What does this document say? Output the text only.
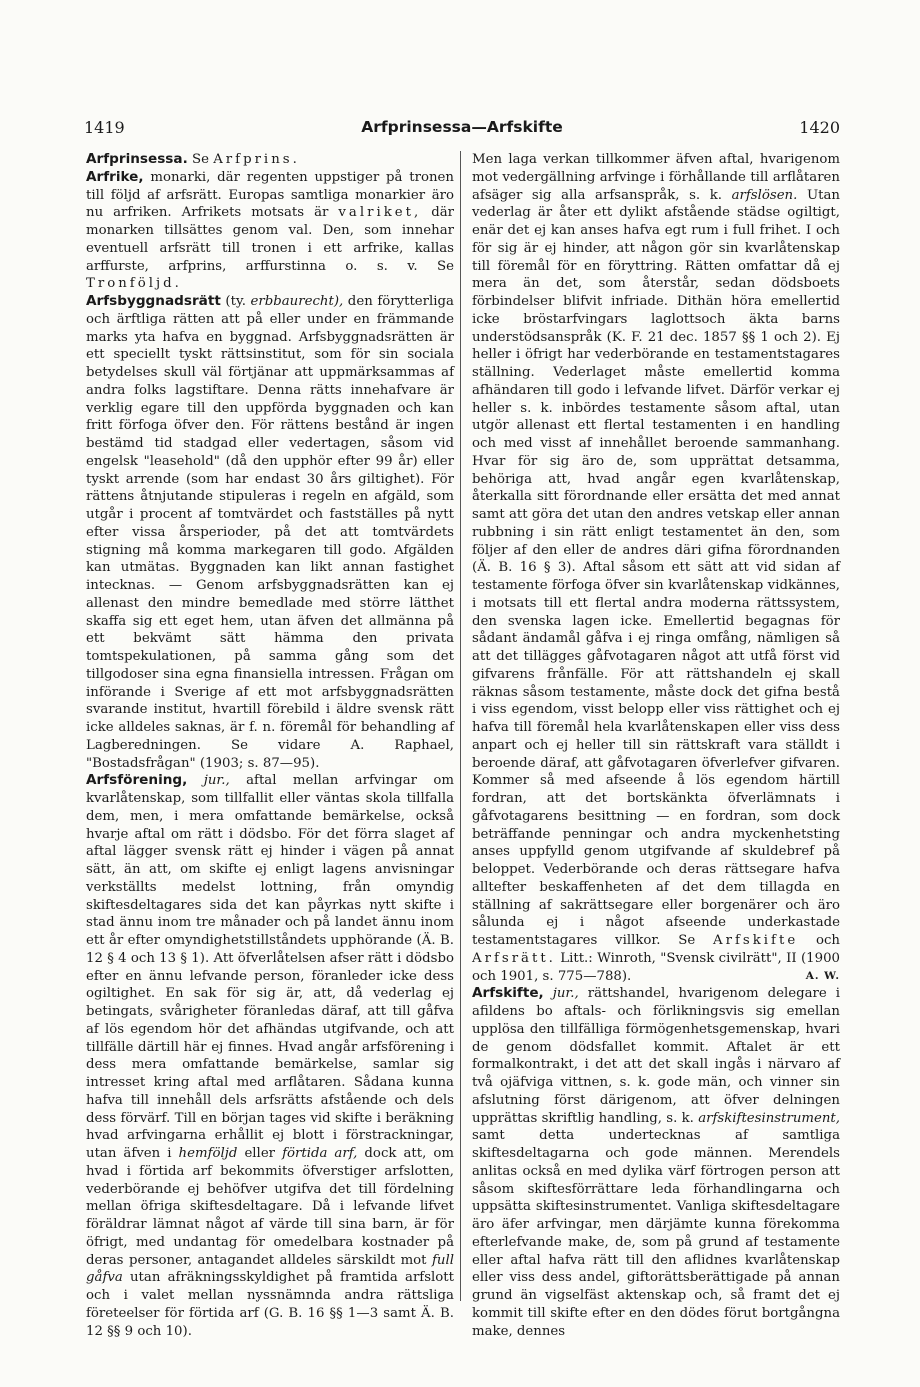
1419	Arfprinsessa—Arfskifte	1420

Arfprinsessa. Se Arfprins.

Arfrike, monarki, där regenten uppstiger på tronen till följd af arfsrätt. Europas samtliga monarkier äro nu arfriken. Arfrikets motsats är valriket, där monarken tillsättes genom val. Den, som innehar eventuell arfsrätt till tronen i ett arfrike, kallas arffurste, arfprins, arffurstinna o. s. v. Se Tronföljd.

Arfsbyggnadsrätt (ty. erbbaurecht), den förytterliga och ärftliga rätten att på eller under en främmande marks yta hafva en byggnad. Arfsbyggnadsrätten är ett speciellt tyskt rättsinstitut, som för sin sociala betydelses skull väl förtjänar att uppmärksammas af andra folks lagstiftare. Denna rätts innehafvare är verklig egare till den uppförda byggnaden och kan fritt förfoga öfver den. För rättens bestånd är ingen bestämd tid stadgad eller vedertagen, såsom vid engelsk "leasehold" (då den upphör efter 99 år) eller tyskt arrende (som har endast 30 års giltighet). För rättens åtnjutande stipuleras i regeln en afgäld, som utgår i procent af tomtvärdet och fastställes på nytt efter vissa årsperioder, på det att tomtvärdets stigning må komma markegaren till godo. Afgälden kan utmätas. Byggnaden kan likt annan fastighet intecknas. — Genom arfsbyggnadsrätten kan ej allenast den mindre bemedlade med större lätthet skaffa sig ett eget hem, utan äfven det allmänna på ett bekvämt sätt hämma den privata tomtspekulationen, på samma gång som det tillgodoser sina egna finansiella intressen. Frågan om införande i Sverige af ett mot arfsbyggnadsrätten svarande institut, hvartill förebild i äldre svensk rätt icke alldeles saknas, är f. n. föremål för behandling af Lagberedningen. Se vidare A. Raphael, "Bostadsfrågan" (1903; s. 87—95).

Arfsförening, jur., aftal mellan arfvingar om kvarlåtenskap, som tillfallit eller väntas skola tillfalla dem, men, i mera omfattande bemärkelse, också hvarje aftal om rätt i dödsbo. För det förra slaget af aftal lägger svensk rätt ej hinder i vägen på annat sätt, än att, om skifte ej enligt lagens anvisningar verkställts medelst lottning, från omyndig skiftesdeltagares sida det kan påyrkas nytt skifte i stad ännu inom tre månader och på landet ännu inom ett år efter omyndighetstillståndets upphörande (Ä. B. 12 § 4 och 13 § 1). Att öfverlåtelsen afser rätt i dödsbo efter en ännu lefvande person, föranleder icke dess ogiltighet. En sak för sig är, att, då vederlag ej betingats, svårigheter föranledas däraf, att till gåfva af lös egendom hör det afhändas utgifvande, och att tillfälle därtill här ej finnes. Hvad angår arfsförening i dess mera omfattande bemärkelse, samlar sig intresset kring aftal med arflåtaren. Sådana kunna hafva till innehåll dels arfsrätts afstående och dels dess förvärf. Till en början tages vid skifte i beräkning hvad arfvingarna erhållit ej blott i förstrackningar, utan äfven i hemföljd eller förtida arf, dock att, om hvad i förtida arf bekommits öfverstiger arfslotten, vederbörande ej behöfver utgifva det till fördelning mellan öfriga skiftesdeltagare. Då i lefvande lifvet föräldrar lämnat något af värde till sina barn, är för öfrigt, med undantag för omedelbara kostnader på deras personer, antagandet alldeles särskildt mot full gåfva utan afräkningsskyldighet på framtida arfslott och i valet mellan nyssnämnda andra rättsliga företeelser för förtida arf (G. B. 16 §§ 1—3 samt Ä. B. 12 §§ 9 och 10).

Men laga verkan tillkommer äfven aftal, hvarigenom mot vedergällning arfvinge i förhållande till arflåtaren afsäger sig alla arfsanspråk, s. k. arfslösen. Utan vederlag är åter ett dylikt afstående städse ogiltigt, enär det ej kan anses hafva egt rum i full frihet. I och för sig är ej hinder, att någon gör sin kvarlåtenskap till föremål för en föryttring. Rätten omfattar då ej mera än det, som återstår, sedan dödsboets förbindelser blifvit infriade. Dithän höra emellertid icke bröstarfvingars laglottsoch äkta barns understödsanspråk (K. F. 21 dec. 1857 §§ 1 och 2). Ej heller i öfrigt har vederbörande en testamentstagares ställning. Vederlaget måste emellertid komma afhändaren till godo i lefvande lifvet. Därför verkar ej heller s. k. inbördes testamente såsom aftal, utan utgör allenast ett flertal testamenten i en handling och med visst af innehållet beroende sammanhang. Hvar för sig äro de, som upprättat detsamma, behöriga att, hvad angår egen kvarlåtenskap, återkalla sitt förordnande eller ersätta det med annat samt att göra det utan den andres vetskap eller annan rubbning i sin rätt enligt testamentet än den, som följer af den eller de andres däri gifna förordnanden (Ä. B. 16 § 3). Aftal såsom ett sätt att vid sidan af testamente förfoga öfver sin kvarlåtenskap vidkännes, i motsats till ett flertal andra moderna rättssystem, den svenska lagen icke. Emellertid begagnas för sådant ändamål gåfva i ej ringa omfång, nämligen så att det tillägges gåfvotagaren något att utfå först vid gifvarens frånfälle. För att rättshandeln ej skall räknas såsom testamente, måste dock det gifna bestå i viss egendom, visst belopp eller viss rättighet och ej hafva till föremål hela kvarlåtenskapen eller viss dess anpart och ej heller till sin rättskraft vara ställdt i beroende däraf, att gåfvotagaren öfverlefver gifvaren. Kommer så med afseende å lös egendom härtill fordran, att det bortskänkta öfverlämnats i gåfvotagarens besittning — en fordran, som dock beträffande penningar och andra myckenhetsting anses uppfylld genom utgifvande af skuldebref på beloppet. Vederbörande och deras rättsegare hafva alltefter beskaffenheten af det dem tillagda en ställning af sakrättsegare eller borgenärer och äro sålunda ej i något afseende underkastade testamentstagares villkor. Se Arfskifte och Arfsrätt. Litt.: Winroth, "Svensk civilrätt", II (1900 och 1901, s. 775—788).	A. W.

Arfskifte, jur., rättshandel, hvarigenom delegare i afildens bo aftals- och förlikningsvis sig emellan upplösa den tillfälliga förmögenhetsgemenskap, hvari de genom dödsfallet kommit. Aftalet är ett formalkontrakt, i det att det skall ingås i närvaro af två ojäfviga vittnen, s. k. gode män, och vinner sin afslutning först därigenom, att öfver delningen upprättas skriftlig handling, s. k. arfskiftesinstrument, samt detta undertecknas af samtliga skiftesdeltagarna och gode männen. Merendels anlitas också en med dylika värf förtrogen person att såsom skiftesförrättare leda förhandlingarna och uppsätta skiftesinstrumentet. Vanliga skiftesdeltagare äro äfer arfvingar, men därjämte kunna förekomma efterlefvande make, de, som på grund af testamente eller aftal hafva rätt till den aflidnes kvarlåtenskap eller viss dess andel, giftorättsberättigade på annan grund än vigselfäst aktenskap och, så framt det ej kommit till skifte efter en den dödes förut bortgångna make, dennes
